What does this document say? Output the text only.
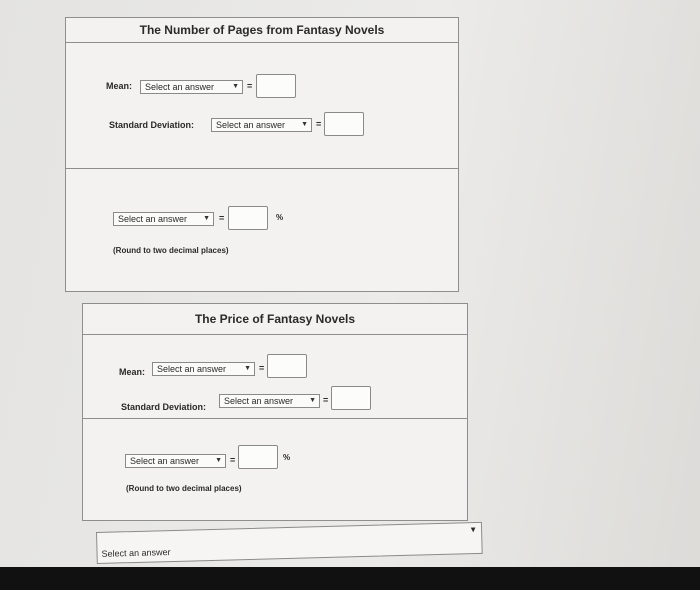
The Number of Pages from Fantasy Novels
Mean:	Select an answer	▼ =
Standard Deviation:	Select an answer ▼ =
Select an answer ▼ =	%
(Round to two decimal places)
The Price of Fantasy Novels
Mean:	Select an answer	▼ =
Standard Deviation:
Select an answer ▼ =
Select an answer ▼ =	%
(Round to two decimal places)
Select an answer
▼
